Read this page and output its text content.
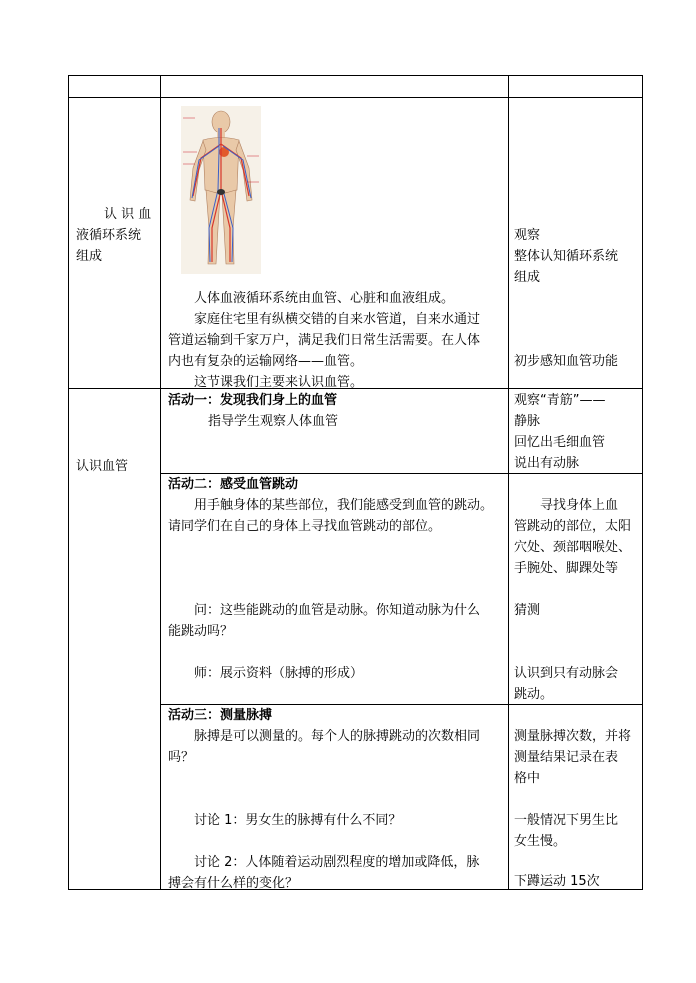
认 识 血
液循环系统
组成
人体血液循环系统由血管、心脏和血液组成。
家庭住宅里有纵横交错的自来水管道，自来水通过
管道运输到千家万户，满足我们日常生活需要。在人体
内也有复杂的运输网络——血管。
这节课我们主要来认识血管。
观察
整体认知循环系统
组成
初步感知血管功能
认识血管
活动一：发现我们身上的血管
指导学生观察人体血管
观察“青筋”——
静脉
回忆出毛细血管
说出有动脉
活动二：感受血管跳动
用手触身体的某些部位，我们能感受到血管的跳动。
请同学们在自己的身体上寻找血管跳动的部位。
问：这些能跳动的血管是动脉。你知道动脉为什么
能跳动吗？
师：展示资料（脉搏的形成）
寻找身体上血
管跳动的部位，太阳
穴处、颈部咽喉处、
手腕处、脚踝处等
猜测
认识到只有动脉会
跳动。
活动三：测量脉搏
脉搏是可以测量的。每个人的脉搏跳动的次数相同
吗？
讨论 1：男女生的脉搏有什么不同？
讨论 2：人体随着运动剧烈程度的增加或降低，脉
搏会有什么样的变化？
测量脉搏次数，并将
测量结果记录在表
格中
一般情况下男生比
女生慢。
下蹲运动 15次
